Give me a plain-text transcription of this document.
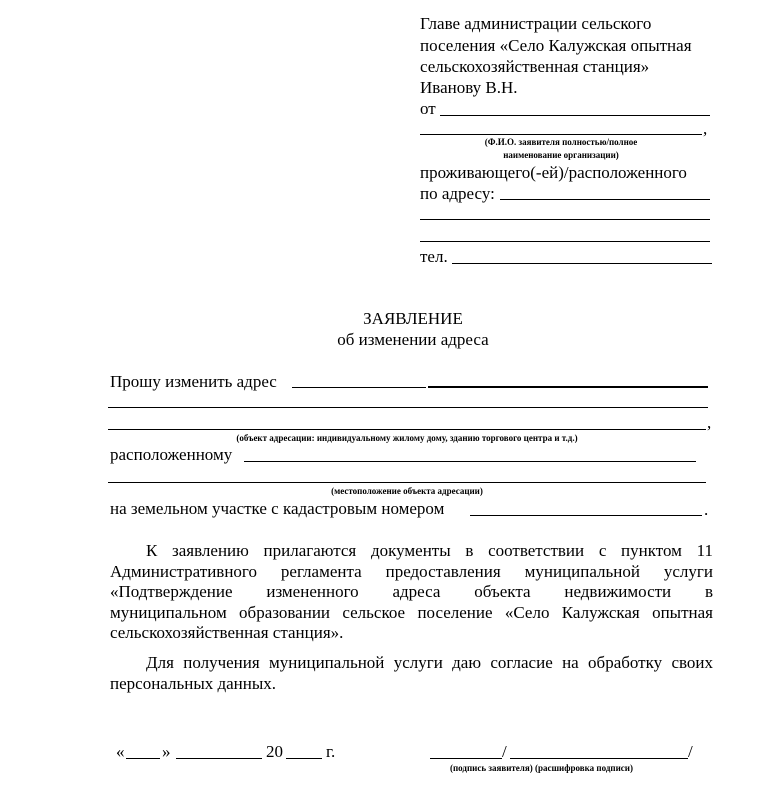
Главе администрации сельского
поселения «Село Калужская опытная
сельскохозяйственная станция»
Иванову В.Н.
от
,
(Ф.И.О. заявителя полностью/полное
наименование организации)
проживающего(-ей)/расположенного
по адресу:
тел.
ЗАЯВЛЕНИЕ
об изменении адреса
Прошу изменить адрес
,
(объект адресации: индивидуальному жилому дому, зданию торгового центра и т.д.)
расположенному
(местоположение объекта адресации)
на земельном участке с кадастровым номером	.
К заявлению прилагаются документы в соответствии с пунктом 11
Административного регламента предоставления муниципальной услуги
«Подтверждение измененного адреса объекта недвижимости в
муниципальном образовании сельское поселение «Село Калужская опытная
сельскохозяйственная станция».
Для получения муниципальной услуги даю согласие на обработку своих
персональных данных.
« »	20	г.	/	/
(подпись заявителя) (расшифровка подписи)
